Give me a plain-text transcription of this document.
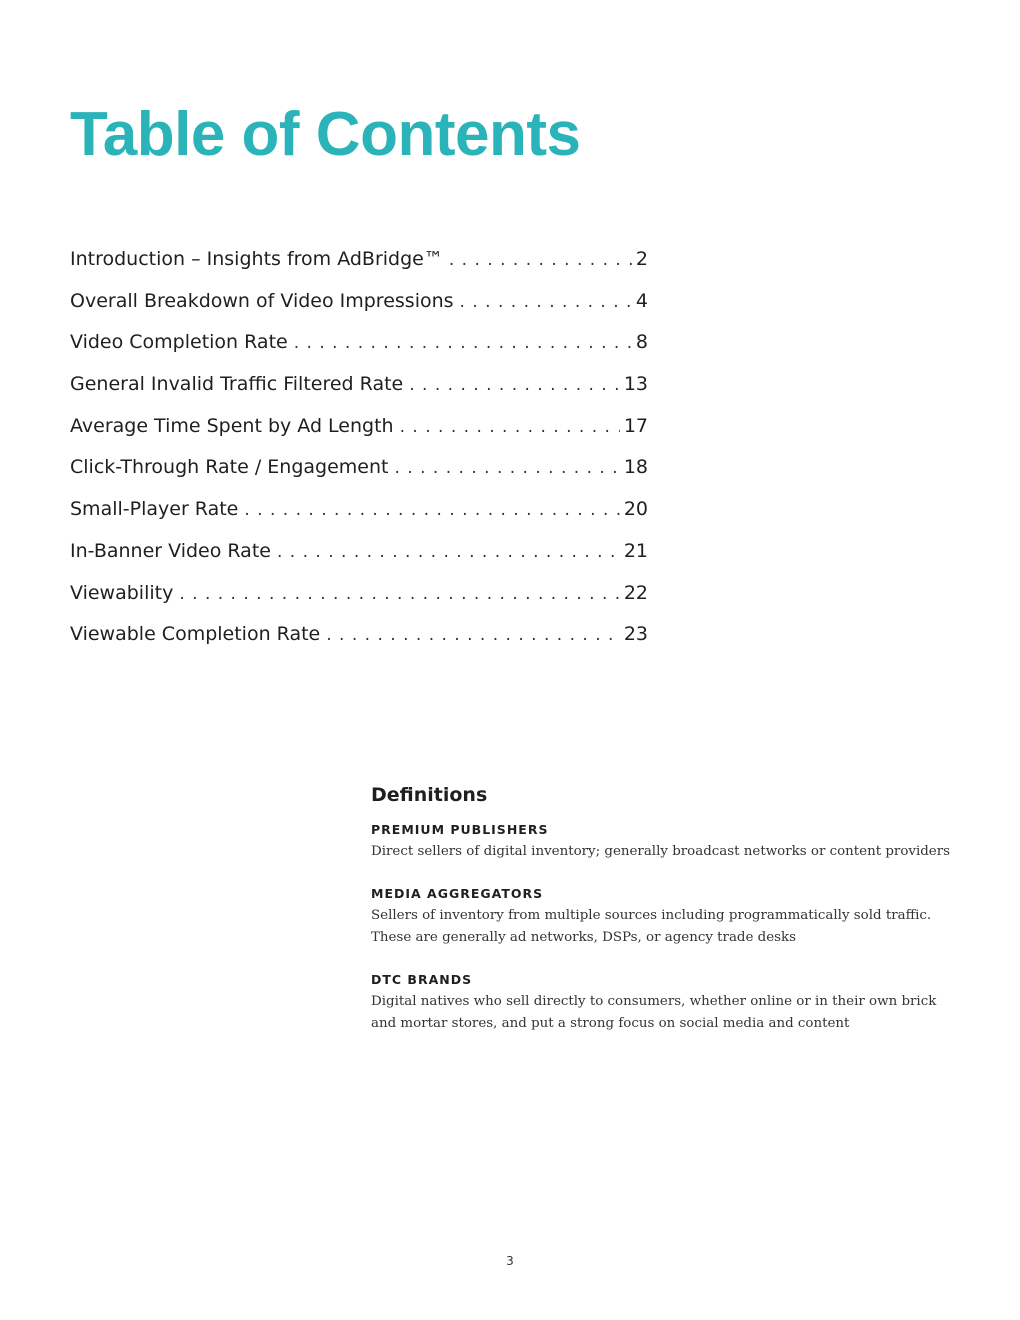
Table of Contents
Introduction – Insights from AdBridge™ . . .	2
Overall Breakdown of Video Impressions . . .	4
Video Completion Rate . . .	8
General Invalid Traffic Filtered Rate . . .	13
Average Time Spent by Ad Length . . .	17
Click-Through Rate / Engagement . . .	18
Small-Player Rate . . .	20
In-Banner Video Rate . . .	21
Viewability . . .	22
Viewable Completion Rate . . .	23
Definitions

PREMIUM PUBLISHERS

Direct sellers of digital inventory; generally broadcast networks or content providers

MEDIA AGGREGATORS

Sellers of inventory from multiple sources including programmatically sold traffic.
These are generally ad networks, DSPs, or agency trade desks

DTC BRANDS

Digital natives who sell directly to consumers, whether online or in their own brick
and mortar stores, and put a strong focus on social media and content

3
